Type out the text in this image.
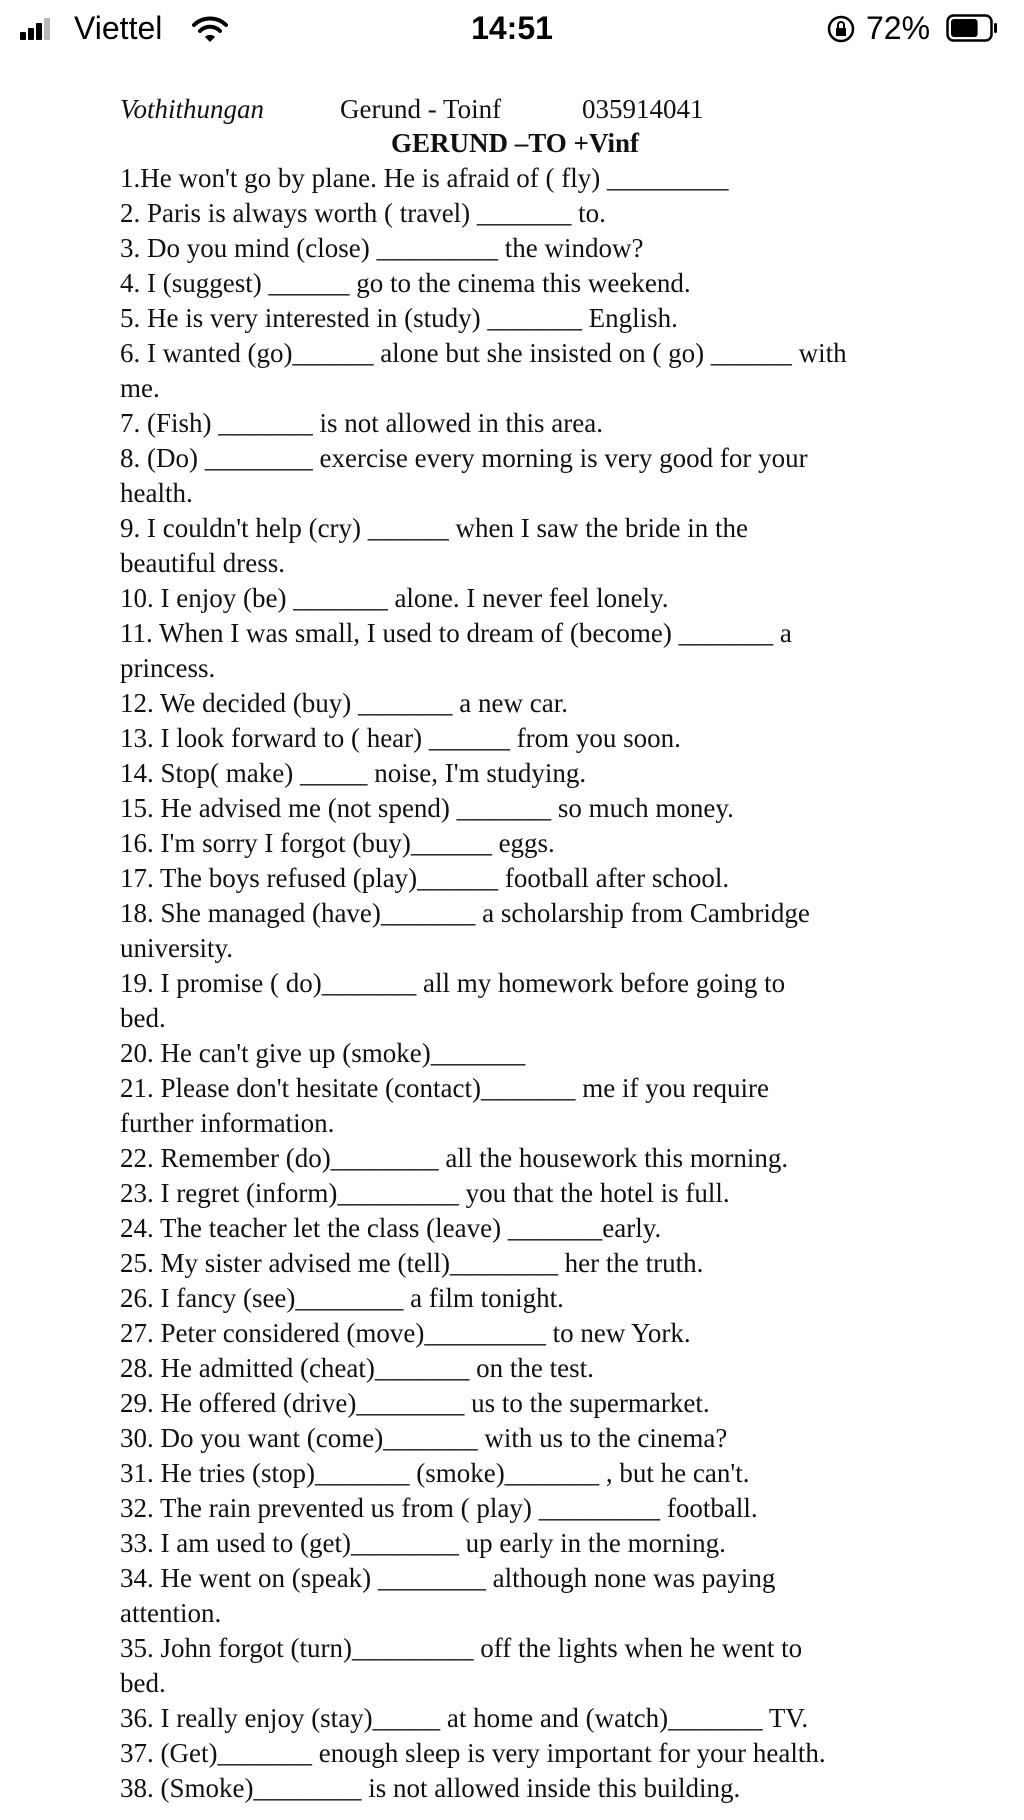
Viettel	14:51	72%
Vothithungan	Gerund - Toinf	035914041
GERUND –TO +Vinf
1.He won't go by plane. He is afraid of ( fly) _________
2. Paris is always worth ( travel) _______ to.
3. Do you mind (close) _________ the window?
4. I (suggest) ______ go to the cinema this weekend.
5. He is very interested in (study) _______ English.
6. I wanted (go)______ alone but she insisted on ( go) ______ with
me.
7. (Fish) _______ is not allowed in this area.
8. (Do) ________ exercise every morning is very good for your
health.
9. I couldn't help (cry) ______ when I saw the bride in the
beautiful dress.
10. I enjoy (be) _______ alone. I never feel lonely.
11. When I was small, I used to dream of (become) _______ a
princess.
12. We decided (buy) _______ a new car.
13. I look forward to ( hear) ______ from you soon.
14. Stop( make) _____ noise, I'm studying.
15. He advised me (not spend) _______ so much money.
16. I'm sorry I forgot (buy)______ eggs.
17. The boys refused (play)______ football after school.
18. She managed (have)_______ a scholarship from Cambridge
university.
19. I promise ( do)_______ all my homework before going to
bed.
20. He can't give up (smoke)_______
21. Please don't hesitate (contact)_______ me if you require
further information.
22. Remember (do)________ all the housework this morning.
23. I regret (inform)_________ you that the hotel is full.
24. The teacher let the class (leave) _______early.
25. My sister advised me (tell)________ her the truth.
26. I fancy (see)________ a film tonight.
27. Peter considered (move)_________ to new York.
28. He admitted (cheat)_______ on the test.
29. He offered (drive)________ us to the supermarket.
30. Do you want (come)_______ with us to the cinema?
31. He tries (stop)_______ (smoke)_______ , but he can't.
32. The rain prevented us from ( play) _________ football.
33. I am used to (get)________ up early in the morning.
34. He went on (speak) ________ although none was paying
attention.
35. John forgot (turn)_________ off the lights when he went to
bed.
36. I really enjoy (stay)_____ at home and (watch)_______ TV.
37. (Get)_______ enough sleep is very important for your health.
38. (Smoke)________ is not allowed inside this building.
